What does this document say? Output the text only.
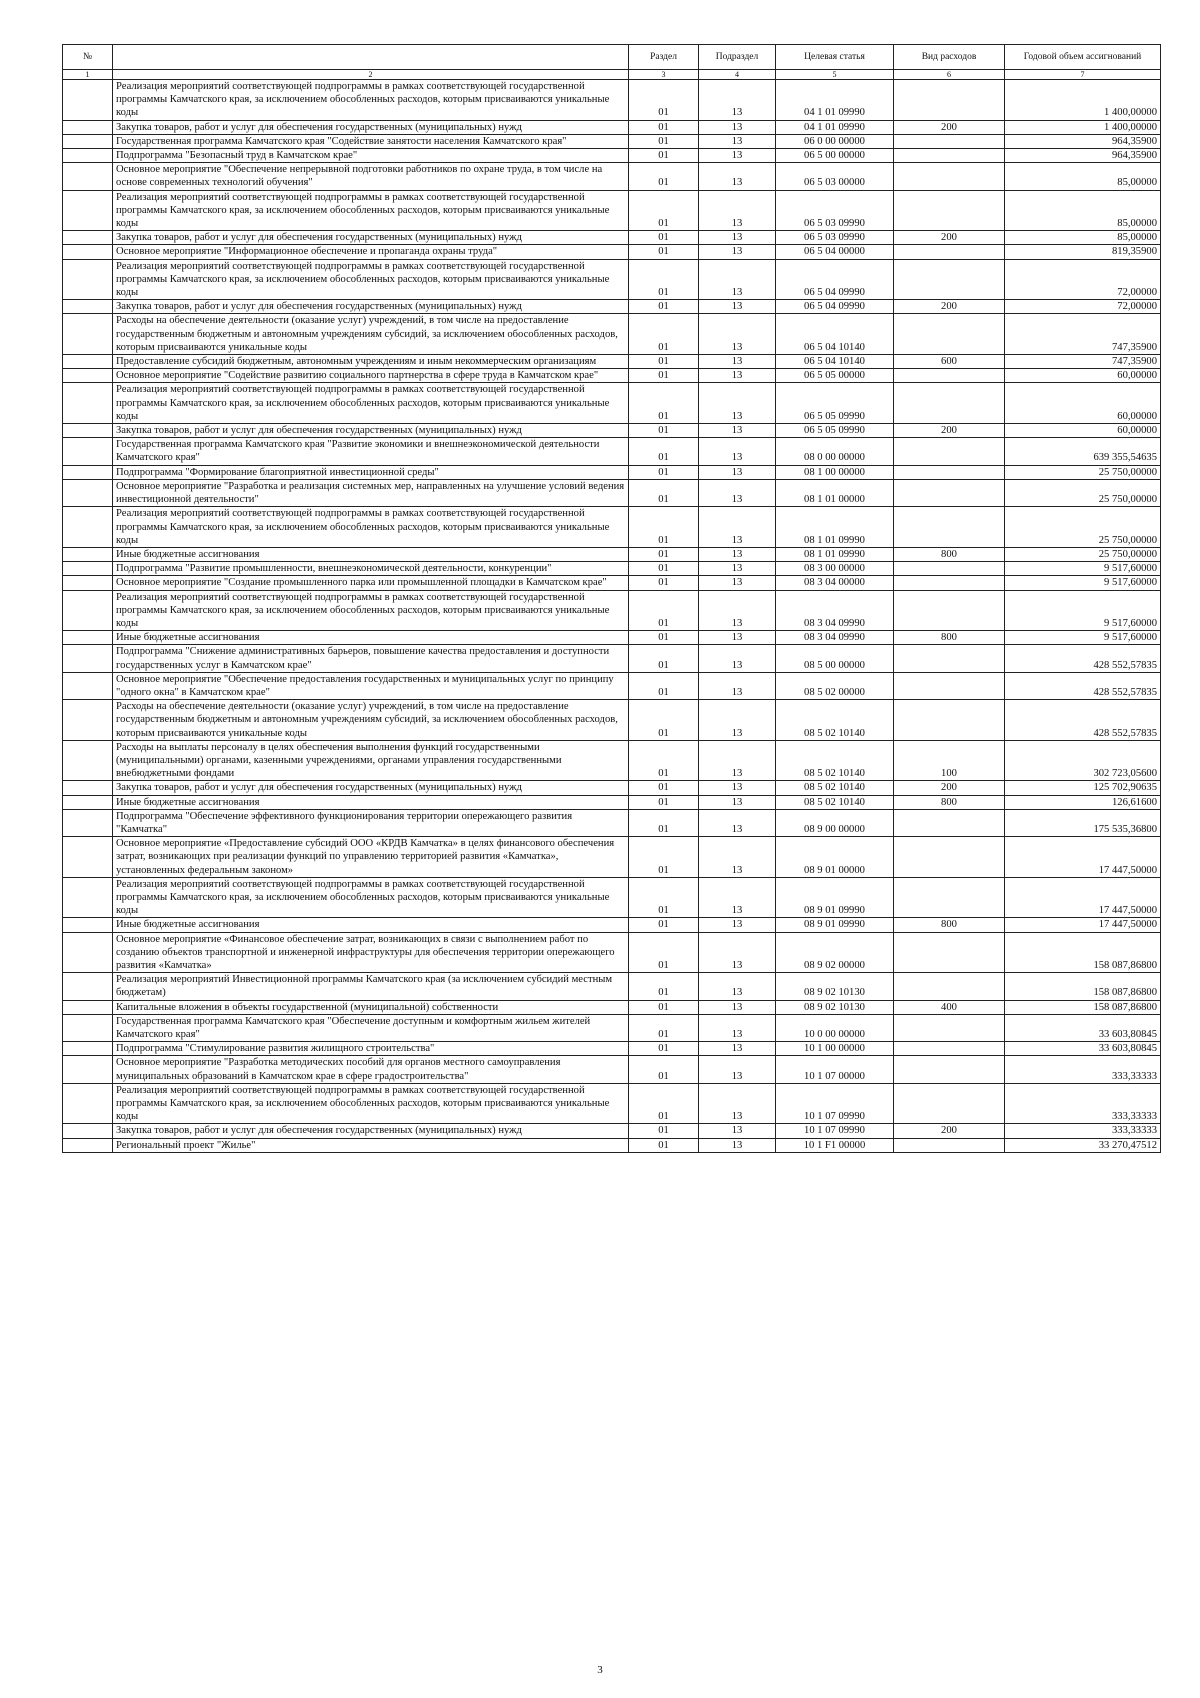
№		Раздел	Подраздел	Целевая статья	Вид расходов	Годовой объем ассигнований
1	2	3	4	5	6	7
	Реализация мероприятий соответствующей подпрограммы в рамках соответствующей государственной программы Камчатского края, за исключением обособленных расходов, которым присваиваются уникальные коды	01	13	04 1 01 09990		1 400,00000
	Закупка товаров, работ и услуг для обеспечения государственных (муниципальных) нужд	01	13	04 1 01 09990	200	1 400,00000
	Государственная программа Камчатского края "Содействие занятости населения Камчатского края"	01	13	06 0 00 00000		964,35900
	Подпрограмма "Безопасный труд в Камчатском крае"	01	13	06 5 00 00000		964,35900
	Основное мероприятие "Обеспечение непрерывной подготовки работников по охране труда, в том числе на основе современных технологий обучения"	01	13	06 5 03 00000		85,00000
	Реализация мероприятий соответствующей подпрограммы в рамках соответствующей государственной программы Камчатского края, за исключением обособленных расходов, которым присваиваются уникальные коды	01	13	06 5 03 09990		85,00000
	Закупка товаров, работ и услуг для обеспечения государственных (муниципальных) нужд	01	13	06 5 03 09990	200	85,00000
	Основное мероприятие "Информационное обеспечение и пропаганда охраны труда"	01	13	06 5 04 00000		819,35900
	Реализация мероприятий соответствующей подпрограммы в рамках соответствующей государственной программы Камчатского края, за исключением обособленных расходов, которым присваиваются уникальные коды	01	13	06 5 04 09990		72,00000
	Закупка товаров, работ и услуг для обеспечения государственных (муниципальных) нужд	01	13	06 5 04 09990	200	72,00000
	Расходы на обеспечение деятельности (оказание услуг) учреждений, в том числе на предоставление государственным бюджетным и автономным учреждениям субсидий, за исключением обособленных расходов, которым присваиваются уникальные коды	01	13	06 5 04 10140		747,35900
	Предоставление субсидий бюджетным, автономным учреждениям и иным некоммерческим организациям	01	13	06 5 04 10140	600	747,35900
	Основное мероприятие "Содействие развитию социального партнерства в сфере труда в Камчатском крае"	01	13	06 5 05 00000		60,00000
	Реализация мероприятий соответствующей подпрограммы в рамках соответствующей государственной программы Камчатского края, за исключением обособленных расходов, которым присваиваются уникальные коды	01	13	06 5 05 09990		60,00000
	Закупка товаров, работ и услуг для обеспечения государственных (муниципальных) нужд	01	13	06 5 05 09990	200	60,00000
	Государственная программа Камчатского края "Развитие экономики и внешнеэкономической деятельности Камчатского края"	01	13	08 0 00 00000		639 355,54635
	Подпрограмма "Формирование благоприятной инвестиционной среды"	01	13	08 1 00 00000		25 750,00000
	Основное мероприятие "Разработка и реализация системных мер, направленных на улучшение условий ведения инвестиционной деятельности"	01	13	08 1 01 00000		25 750,00000
	Реализация мероприятий соответствующей подпрограммы в рамках соответствующей государственной программы Камчатского края, за исключением обособленных расходов, которым присваиваются уникальные коды	01	13	08 1 01 09990		25 750,00000
	Иные бюджетные ассигнования	01	13	08 1 01 09990	800	25 750,00000
	Подпрограмма "Развитие промышленности, внешнеэкономической деятельности, конкуренции"	01	13	08 3 00 00000		9 517,60000
	Основное мероприятие "Создание промышленного парка или промышленной площадки в Камчатском крае"	01	13	08 3 04 00000		9 517,60000
	Реализация мероприятий соответствующей подпрограммы в рамках соответствующей государственной программы Камчатского края, за исключением обособленных расходов, которым присваиваются уникальные коды	01	13	08 3 04 09990		9 517,60000
	Иные бюджетные ассигнования	01	13	08 3 04 09990	800	9 517,60000
	Подпрограмма "Снижение административных барьеров, повышение качества предоставления и доступности государственных услуг в Камчатском крае"	01	13	08 5 00 00000		428 552,57835
	Основное мероприятие "Обеспечение предоставления государственных и муниципальных услуг по принципу "одного окна" в Камчатском крае"	01	13	08 5 02 00000		428 552,57835
	Расходы на обеспечение деятельности (оказание услуг) учреждений, в том числе на предоставление государственным бюджетным и автономным учреждениям субсидий, за исключением обособленных расходов, которым присваиваются уникальные коды	01	13	08 5 02 10140		428 552,57835
	Расходы на выплаты персоналу в целях обеспечения выполнения функций государственными (муниципальными) органами, казенными учреждениями, органами управления государственными внебюджетными фондами	01	13	08 5 02 10140	100	302 723,05600
	Закупка товаров, работ и услуг для обеспечения государственных (муниципальных) нужд	01	13	08 5 02 10140	200	125 702,90635
	Иные бюджетные ассигнования	01	13	08 5 02 10140	800	126,61600
	Подпрограмма "Обеспечение эффективного функционирования территории опережающего развития "Камчатка"	01	13	08 9 00 00000		175 535,36800
	Основное мероприятие «Предоставление субсидий ООО «КРДВ Камчатка» в целях финансового обеспечения затрат, возникающих при реализации функций по управлению территорией развития «Камчатка», установленных федеральным законом»	01	13	08 9 01 00000		17 447,50000
	Реализация мероприятий соответствующей подпрограммы в рамках соответствующей государственной программы Камчатского края, за исключением обособленных расходов, которым присваиваются уникальные коды	01	13	08 9 01 09990		17 447,50000
	Иные бюджетные ассигнования	01	13	08 9 01 09990	800	17 447,50000
	Основное мероприятие «Финансовое обеспечение затрат, возникающих в связи с выполнением работ по созданию объектов транспортной и инженерной инфраструктуры для обеспечения территории опережающего развития «Камчатка»	01	13	08 9 02 00000		158 087,86800
	Реализация мероприятий Инвестиционной программы Камчатского края (за исключением субсидий местным бюджетам)	01	13	08 9 02 10130		158 087,86800
	Капитальные вложения в объекты государственной (муниципальной) собственности	01	13	08 9 02 10130	400	158 087,86800
	Государственная программа Камчатского края "Обеспечение доступным и комфортным жильем жителей Камчатского края"	01	13	10 0 00 00000		33 603,80845
	Подпрограмма "Стимулирование развития жилищного строительства"	01	13	10 1 00 00000		33 603,80845
	Основное мероприятие "Разработка методических пособий для органов местного самоуправления муниципальных образований в Камчатском крае в сфере градостроительства"	01	13	10 1 07 00000		333,33333
	Реализация мероприятий соответствующей подпрограммы в рамках соответствующей государственной программы Камчатского края, за исключением обособленных расходов, которым присваиваются уникальные коды	01	13	10 1 07 09990		333,33333
	Закупка товаров, работ и услуг для обеспечения государственных (муниципальных) нужд	01	13	10 1 07 09990	200	333,33333
	Региональный проект "Жилье"	01	13	10 1 F1 00000		33 270,47512
3
